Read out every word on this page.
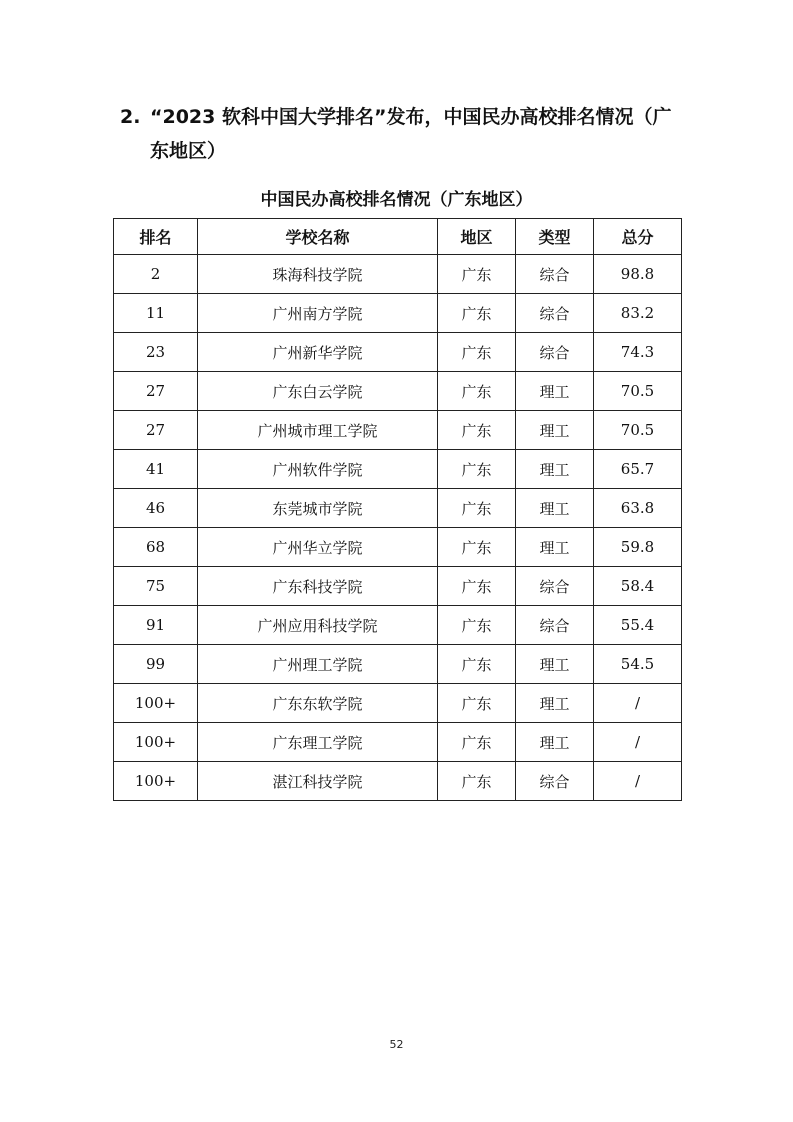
2. “2023 软科中国大学排名”发布，中国民办高校排名情况（广
东地区）
中国民办高校排名情况（广东地区）
排名	学校名称	地区	类型	总分
2	珠海科技学院	广东	综合	98.8
11	广州南方学院	广东	综合	83.2
23	广州新华学院	广东	综合	74.3
27	广东白云学院	广东	理工	70.5
27	广州城市理工学院	广东	理工	70.5
41	广州软件学院	广东	理工	65.7
46	东莞城市学院	广东	理工	63.8
68	广州华立学院	广东	理工	59.8
75	广东科技学院	广东	综合	58.4
91	广州应用科技学院	广东	综合	55.4
99	广州理工学院	广东	理工	54.5
100+	广东东软学院	广东	理工	/
100+	广东理工学院	广东	理工	/
100+	湛江科技学院	广东	综合	/
52
